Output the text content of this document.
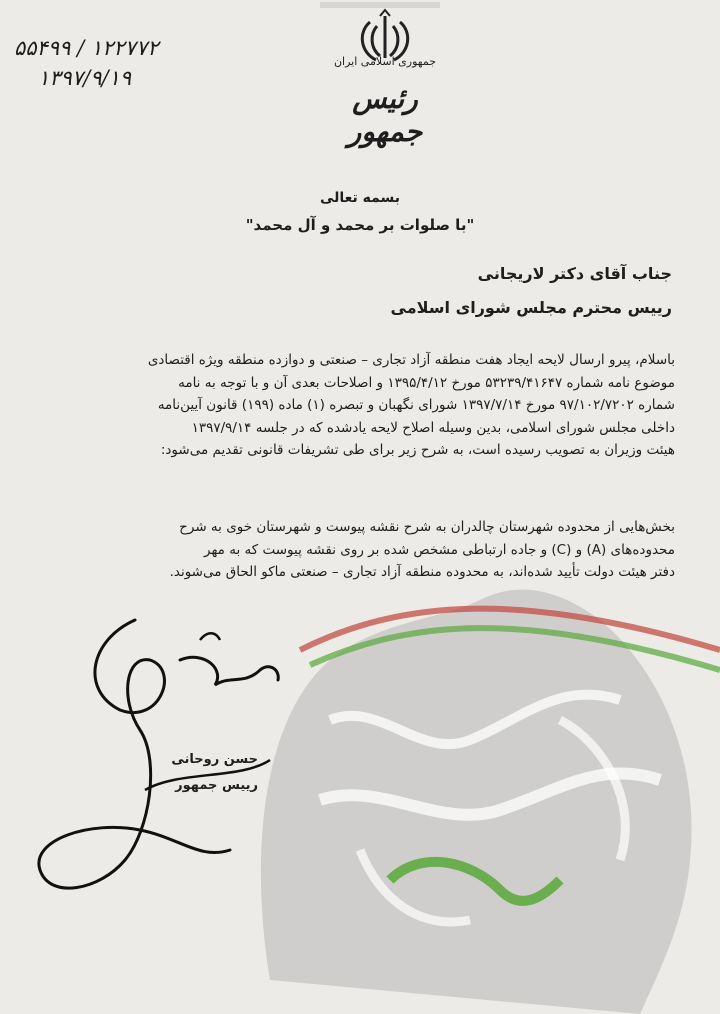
جمهوری اسلامی ایران
رئیس جمهور
۵۵۴۹۹ / ۱۲۲۷۷۲
۱۳۹۷/۹/۱۹
بسمه تعالی
"با صلوات بر محمد و آل محمد"
جناب آقای دکتر لاریجانی
رییس محترم مجلس شورای اسلامی
باسلام، پیرو ارسال لایحه ایجاد هفت منطقه آزاد تجاری – صنعتی و دوازده منطقه ویژه اقتصادی
موضوع نامه شماره ۵۳۲۳۹/۴۱۶۴۷ مورخ ۱۳۹۵/۴/۱۲ و اصلاحات بعدی آن و با توجه به نامه
شماره ۹۷/۱۰۲/۷۲۰۲ مورخ ۱۳۹۷/۷/۱۴ شورای نگهبان و تبصره (۱) ماده (۱۹۹) قانون آیین‌نامه
داخلی مجلس شورای اسلامی، بدین وسیله اصلاح لایحه یادشده که در جلسه ۱۳۹۷/۹/۱۴
هیئت وزیران به تصویب رسیده است، به شرح زیر برای طی تشریفات قانونی تقدیم می‌شود:
بخش‌هایی از محدوده شهرستان چالدران به شرح نقشه پیوست و شهرستان خوی به شرح
محدوده‌های (A) و (C) و جاده ارتباطی مشخص شده بر روی نقشه پیوست که به مهر
دفتر هیئت دولت تأیید شده‌اند، به محدوده منطقه آزاد تجاری – صنعتی ماکو الحاق می‌شوند.
حسن روحانی
رییس جمهور
